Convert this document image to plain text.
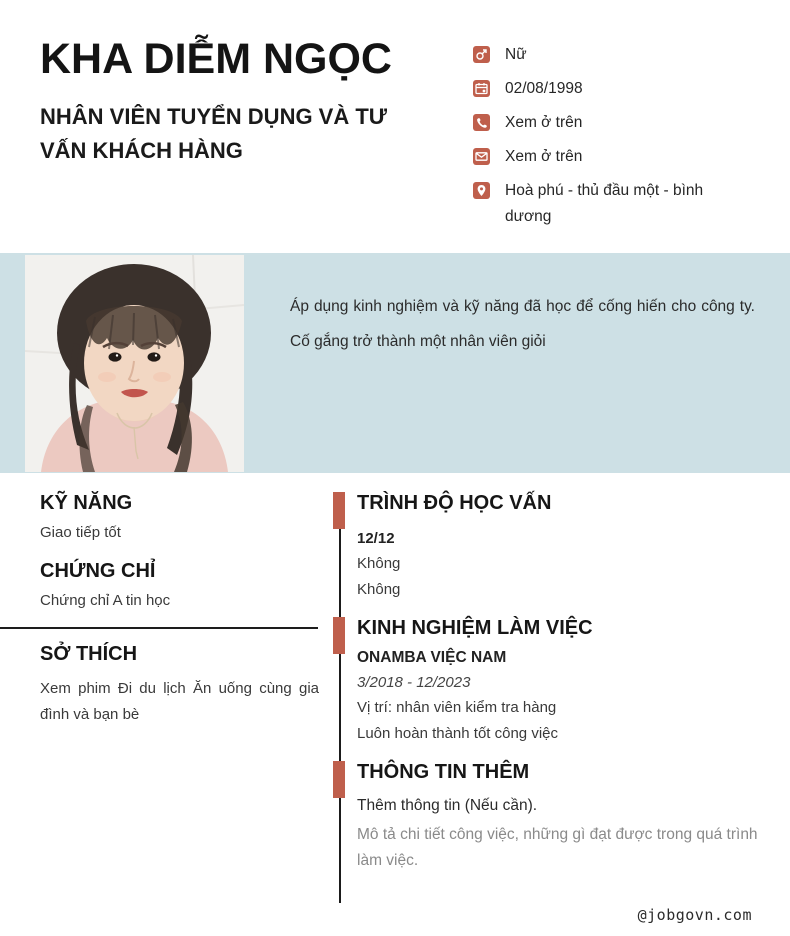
KHA DIỄM NGỌC
NHÂN VIÊN TUYỂN DỤNG VÀ TƯ VẤN KHÁCH HÀNG
Nữ
02/08/1998
Xem ở trên
Xem ở trên
Hoà phú - thủ đầu một - bình dương
Áp dụng kinh nghiệm và kỹ năng đã học để cống hiến cho công ty. Cố gắng trở thành một nhân viên giỏi
KỸ NĂNG
Giao tiếp tốt
CHỨNG CHỈ
Chứng chỉ A tin học
SỞ THÍCH
Xem phim Đi du lịch Ăn uống cùng gia đình và bạn bè
TRÌNH ĐỘ HỌC VẤN
12/12
Không
Không
KINH NGHIỆM LÀM VIỆC
ONAMBA VIỆC NAM
3/2018 - 12/2023
Vị trí: nhân viên kiểm tra hàng
Luôn hoàn thành tốt công việc
THÔNG TIN THÊM
Thêm thông tin (Nếu cần).
Mô tả chi tiết công việc, những gì đạt được trong quá trình làm việc.
@jobgovn.com
